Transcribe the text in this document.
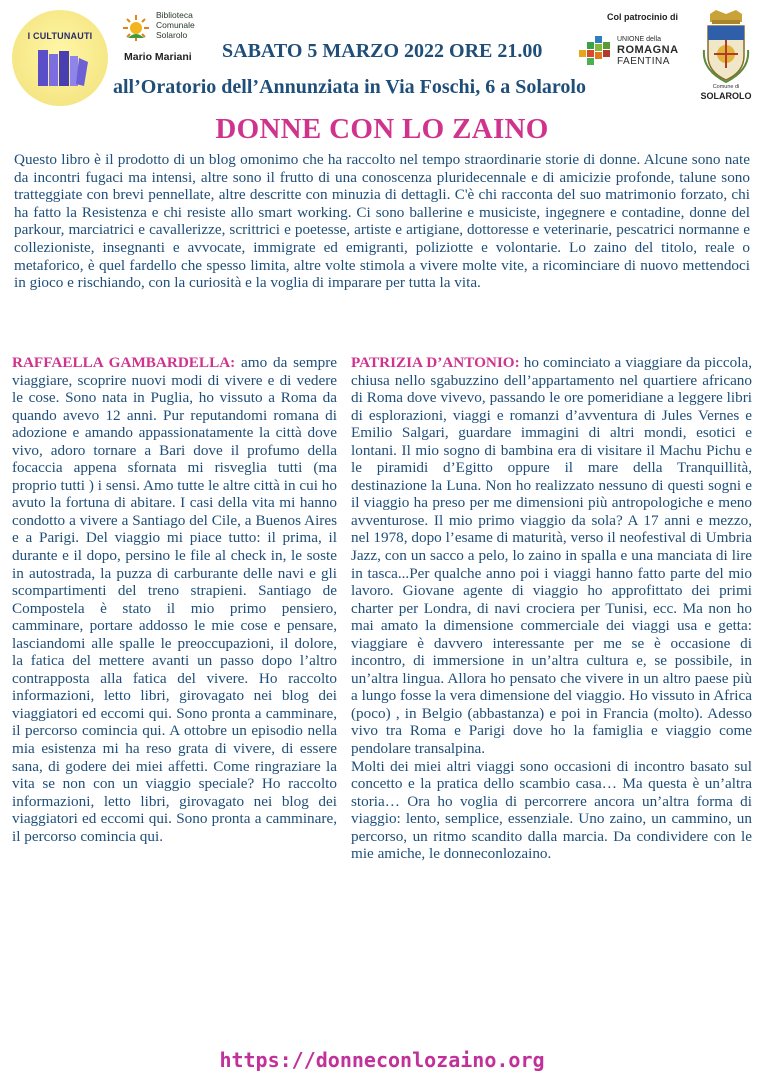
I CULTUNAUTI
Biblioteca
Comunale
Solarolo
Mario Mariani SABATO 5 MARZO 2022 ORE 21.00
all’Oratorio dell’Annunziata in Via Foschi, 6 a Solarolo
Col patrocinio di
UNIONE della
ROMAGNA
FAENTINA
Comune di
SOLAROLO
DONNE CON LO ZAINO

Questo libro è il prodotto di un blog omonimo che ha raccolto nel tempo straordinarie storie di donne. Alcune sono nate da incontri fugaci ma intensi, altre sono il frutto di una conoscenza pluridecennale e di amicizie profonde, talune sono tratteggiate con brevi pennellate, altre descritte con minuzia di dettagli. C'è chi racconta del suo matrimonio forzato, chi ha fatto la Resistenza e chi resiste allo smart working. Ci sono ballerine e musiciste, ingegnere e contadine, donne del parkour, marciatrici e cavallerizze, scrittrici e poetesse, artiste e artigiane, dottoresse e veterinarie, pescatrici normanne e collezioniste, insegnanti e avvocate, immigrate ed emigranti, poliziotte e volontarie. Lo zaino del titolo, reale o metaforico, è quel fardello che spesso limita, altre volte stimola a vivere molte vite, a ricominciare di nuovo mettendoci in gioco e rischiando, con la curiosità e la voglia di imparare per tutta la vita.

RAFFAELLA GAMBARDELLA: amo da sempre viaggiare, scoprire nuovi modi di vivere e di vedere le cose. Sono nata in Puglia, ho vissuto a Roma da quando avevo 12 anni. Pur reputandomi romana di adozione e amando appassionatamente la città dove vivo, adoro tornare a Bari dove il profumo della focaccia appena sfornata mi risveglia tutti (ma proprio tutti ) i sensi. Amo tutte le altre città in cui ho avuto la fortuna di abitare. I casi della vita mi hanno condotto a vivere a Santiago del Cile, a Buenos Aires e a Parigi. Del viaggio mi piace tutto: il prima, il durante e il dopo, persino le file al check in, le soste in autostrada, la puzza di carburante delle navi e gli scompartimenti del treno strapieni. Santiago de Compostela è stato il mio primo pensiero, camminare, portare addosso le mie cose e pensare, lasciandomi alle spalle le preoccupazioni, il dolore, la fatica del mettere avanti un passo dopo l’altro contrapposta alla fatica del vivere. Ho raccolto informazioni, letto libri, girovagato nei blog dei viaggiatori ed eccomi qui. Sono pronta a camminare, il percorso comincia qui. A ottobre un episodio nella mia esistenza mi ha reso grata di vivere, di essere sana, di godere dei miei affetti. Come ringraziare la vita se non con un viaggio speciale? Ho raccolto informazioni, letto libri, girovagato nei blog dei viaggiatori ed eccomi qui. Sono pronta a camminare, il percorso comincia qui.

PATRIZIA D’ANTONIO: ho cominciato a viaggiare da piccola, chiusa nello sgabuzzino dell’appartamento nel quartiere africano di Roma dove vivevo, passando le ore pomeridiane a leggere libri di esplorazioni, viaggi e romanzi d’avventura di Jules Vernes e Emilio Salgari, guardare immagini di altri mondi, esotici e lontani. Il mio sogno di bambina era di visitare il Machu Pichu e le piramidi d’Egitto oppure il mare della Tranquillità, destinazione la Luna. Non ho realizzato nessuno di questi sogni e il viaggio ha preso per me dimensioni più antropologiche e meno avventurose. Il mio primo viaggio da sola? A 17 anni e mezzo, nel 1978, dopo l’esame di maturità, verso il neofestival di Umbria Jazz, con un sacco a pelo, lo zaino in spalla e una manciata di lire in tasca...Per qualche anno poi i viaggi hanno fatto parte del mio lavoro. Giovane agente di viaggio ho approfittato dei primi charter per Londra, di navi crociera per Tunisi, ecc. Ma non ho mai amato la dimensione commerciale dei viaggi usa e getta: viaggiare è davvero interessante per me se è occasione di incontro, di immersione in un’altra cultura e, se possibile, in un’altra lingua. Allora ho pensato che vivere in un altro paese più a lungo fosse la vera dimensione del viaggio. Ho vissuto in Africa (poco) , in Belgio (abbastanza) e poi in Francia (molto). Adesso vivo tra Roma e Parigi dove ho la famiglia e viaggio come pendolare transalpina.

Molti dei miei altri viaggi sono occasioni di incontro basato sul concetto e la pratica dello scambio casa… Ma questa è un’altra storia… Ora ho voglia di percorrere ancora un’altra forma di viaggio: lento, semplice, essenziale. Uno zaino, un cammino, un percorso, un ritmo scandito dalla marcia. Da condividere con le mie amiche, le donneconlozaino.

https://donneconlozaino.org
